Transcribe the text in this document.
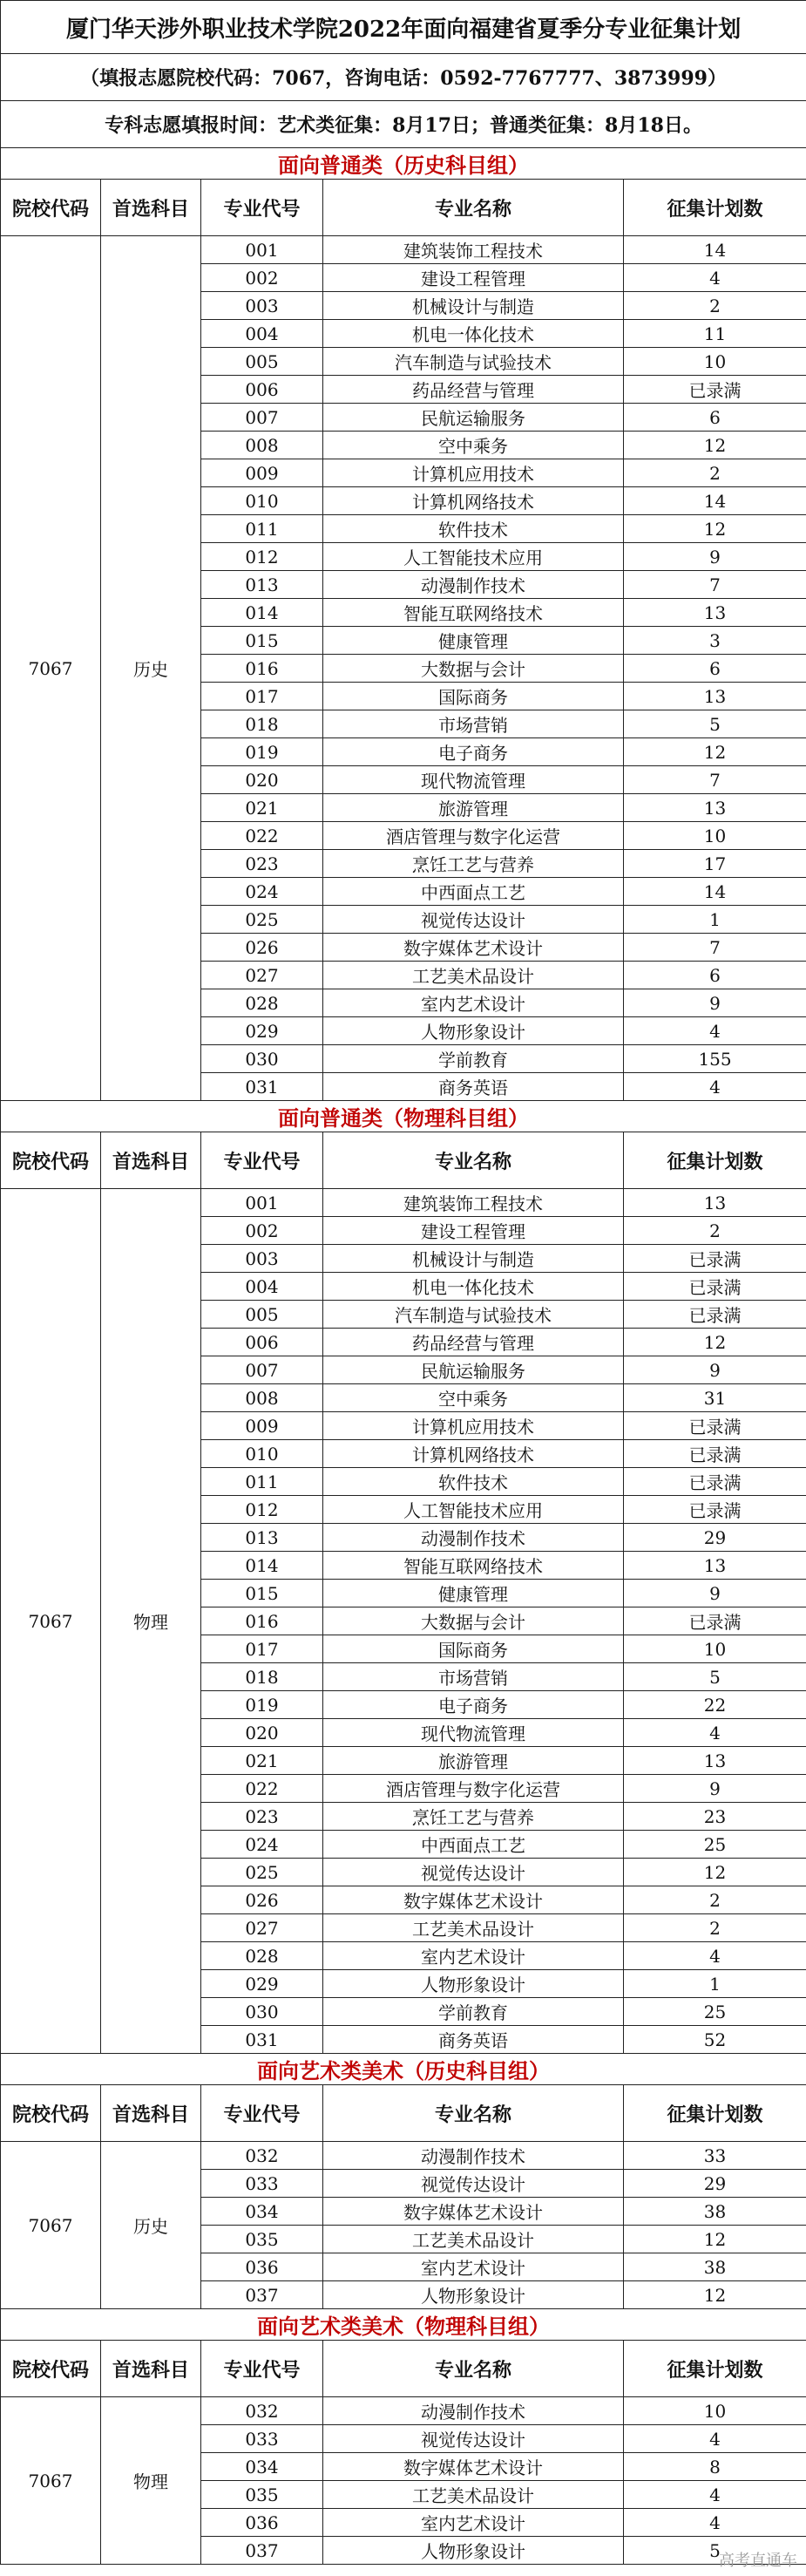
厦门华天涉外职业技术学院2022年面向福建省夏季分专业征集计划				
（填报志愿院校代码：7067，咨询电话：0592-7767777、3873999）				
专科志愿填报时间：艺术类征集：8月17日；普通类征集：8月18日。				
面向普通类（历史科目组）				
院校代码	首选科目	专业代号	专业名称	征集计划数
7067	历史	001	建筑装饰工程技术	14
		002	建设工程管理	4
		003	机械设计与制造	2
		004	机电一体化技术	11
		005	汽车制造与试验技术	10
		006	药品经营与管理	已录满
		007	民航运输服务	6
		008	空中乘务	12
		009	计算机应用技术	2
		010	计算机网络技术	14
		011	软件技术	12
		012	人工智能技术应用	9
		013	动漫制作技术	7
		014	智能互联网络技术	13
		015	健康管理	3
		016	大数据与会计	6
		017	国际商务	13
		018	市场营销	5
		019	电子商务	12
		020	现代物流管理	7
		021	旅游管理	13
		022	酒店管理与数字化运营	10
		023	烹饪工艺与营养	17
		024	中西面点工艺	14
		025	视觉传达设计	1
		026	数字媒体艺术设计	7
		027	工艺美术品设计	6
		028	室内艺术设计	9
		029	人物形象设计	4
		030	学前教育	155
		031	商务英语	4
面向普通类（物理科目组）				
院校代码	首选科目	专业代号	专业名称	征集计划数
7067	物理	001	建筑装饰工程技术	13
		002	建设工程管理	2
		003	机械设计与制造	已录满
		004	机电一体化技术	已录满
		005	汽车制造与试验技术	已录满
		006	药品经营与管理	12
		007	民航运输服务	9
		008	空中乘务	31
		009	计算机应用技术	已录满
		010	计算机网络技术	已录满
		011	软件技术	已录满
		012	人工智能技术应用	已录满
		013	动漫制作技术	29
		014	智能互联网络技术	13
		015	健康管理	9
		016	大数据与会计	已录满
		017	国际商务	10
		018	市场营销	5
		019	电子商务	22
		020	现代物流管理	4
		021	旅游管理	13
		022	酒店管理与数字化运营	9
		023	烹饪工艺与营养	23
		024	中西面点工艺	25
		025	视觉传达设计	12
		026	数字媒体艺术设计	2
		027	工艺美术品设计	2
		028	室内艺术设计	4
		029	人物形象设计	1
		030	学前教育	25
		031	商务英语	52
面向艺术类美术（历史科目组）				
院校代码	首选科目	专业代号	专业名称	征集计划数
7067	历史	032	动漫制作技术	33
		033	视觉传达设计	29
		034	数字媒体艺术设计	38
		035	工艺美术品设计	12
		036	室内艺术设计	38
		037	人物形象设计	12
面向艺术类美术（物理科目组）				
院校代码	首选科目	专业代号	专业名称	征集计划数
7067	物理	032	动漫制作技术	10
		033	视觉传达设计	4
		034	数字媒体艺术设计	8
		035	工艺美术品设计	4
		036	室内艺术设计	4
		037	人物形象设计	5
高考直通车
